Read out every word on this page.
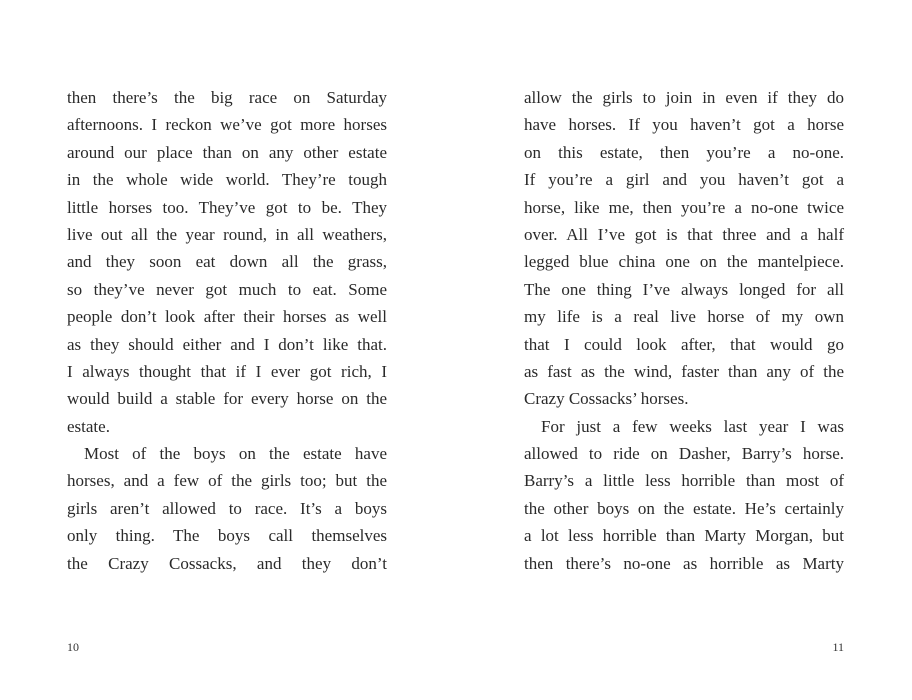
then there’s the big race on Saturday
afternoons. I reckon we’ve got more horses
around our place than on any other estate
in the whole wide world. They’re tough
little horses too. They’ve got to be. They
live out all the year round, in all weathers,
and they soon eat down all the grass,
so they’ve never got much to eat. Some
people don’t look after their horses as well
as they should either and I don’t like that.
I always thought that if I ever got rich, I
would build a stable for every horse on the
estate.
Most of the boys on the estate have
horses, and a few of the girls too; but the
girls aren’t allowed to race. It’s a boys
only thing. The boys call themselves
the Crazy Cossacks, and they don’t
10
allow the girls to join in even if they do
have horses. If you haven’t got a horse
on this estate, then you’re a no-one.
If you’re a girl and you haven’t got a
horse, like me, then you’re a no-one twice
over. All I’ve got is that three and a half
legged blue china one on the mantelpiece.
The one thing I’ve always longed for all
my life is a real live horse of my own
that I could look after, that would go
as fast as the wind, faster than any of the
Crazy Cossacks’ horses.
For just a few weeks last year I was
allowed to ride on Dasher, Barry’s horse.
Barry’s a little less horrible than most of
the other boys on the estate. He’s certainly
a lot less horrible than Marty Morgan, but
then there’s no-one as horrible as Marty
11
